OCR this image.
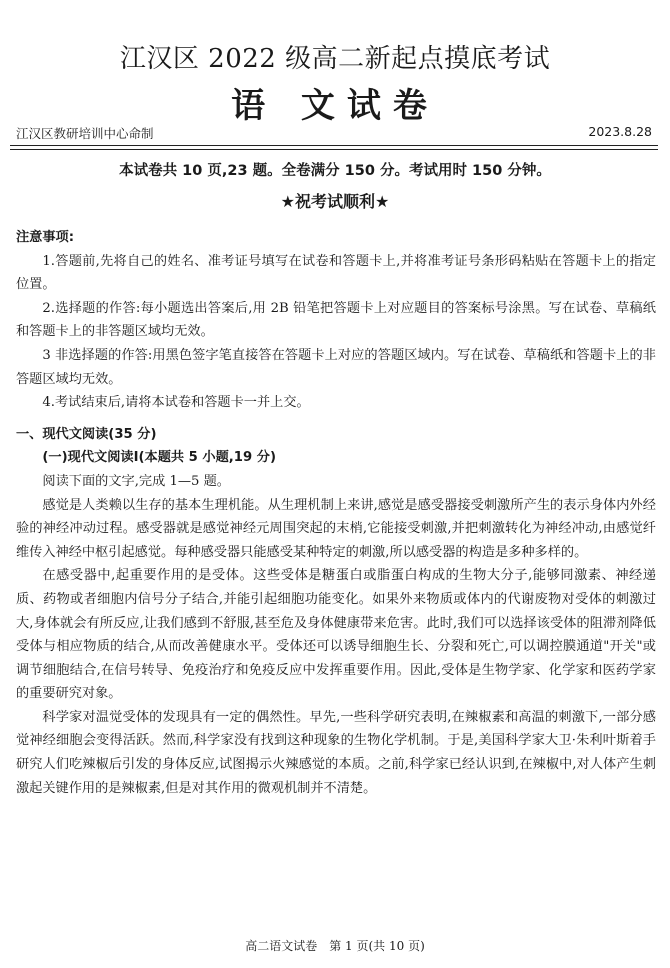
江汉区 2022 级高二新起点摸底考试
语 文试卷
江汉区教研培训中心命制	2023.8.28
本试卷共 10 页,23 题。全卷满分 150 分。考试用时 150 分钟。
★祝考试顺利★

注意事项:

1.答题前,先将自己的姓名、准考证号填写在试卷和答题卡上,并将准考证号条形码粘贴在答题卡上的指定位置。

2.选择题的作答:每小题选出答案后,用 2B 铅笔把答题卡上对应题目的答案标号涂黑。写在试卷、草稿纸和答题卡上的非答题区域均无效。

3 非选择题的作答:用黑色签字笔直接答在答题卡上对应的答题区域内。写在试卷、草稿纸和答题卡上的非答题区域均无效。

4.考试结束后,请将本试卷和答题卡一并上交。

一、现代文阅读(35 分)

(一)现代文阅读Ⅰ(本题共 5 小题,19 分)

阅读下面的文字,完成 1—5 题。

感觉是人类赖以生存的基本生理机能。从生理机制上来讲,感觉是感受器接受刺激所产生的表示身体内外经验的神经冲动过程。感受器就是感觉神经元周围突起的末梢,它能接受刺激,并把刺激转化为神经冲动,由感觉纤维传入神经中枢引起感觉。每种感受器只能感受某种特定的刺激,所以感受器的构造是多种多样的。

在感受器中,起重要作用的是受体。这些受体是糖蛋白或脂蛋白构成的生物大分子,能够同激素、神经递质、药物或者细胞内信号分子结合,并能引起细胞功能变化。如果外来物质或体内的代谢废物对受体的刺激过大,身体就会有所反应,让我们感到不舒服,甚至危及身体健康带来危害。此时,我们可以选择该受体的阻滞剂降低受体与相应物质的结合,从而改善健康水平。受体还可以诱导细胞生长、分裂和死亡,可以调控膜通道"开关"或调节细胞结合,在信号转导、免疫治疗和免疫反应中发挥重要作用。因此,受体是生物学家、化学家和医药学家的重要研究对象。

科学家对温觉受体的发现具有一定的偶然性。早先,一些科学研究表明,在辣椒素和高温的刺激下,一部分感觉神经细胞会变得活跃。然而,科学家没有找到这种现象的生物化学机制。于是,美国科学家大卫·朱利叶斯着手研究人们吃辣椒后引发的身体反应,试图揭示火辣感觉的本质。之前,科学家已经认识到,在辣椒中,对人体产生刺激起关键作用的是辣椒素,但是对其作用的微观机制并不清楚。

高二语文试卷　第 1 页(共 10 页)
